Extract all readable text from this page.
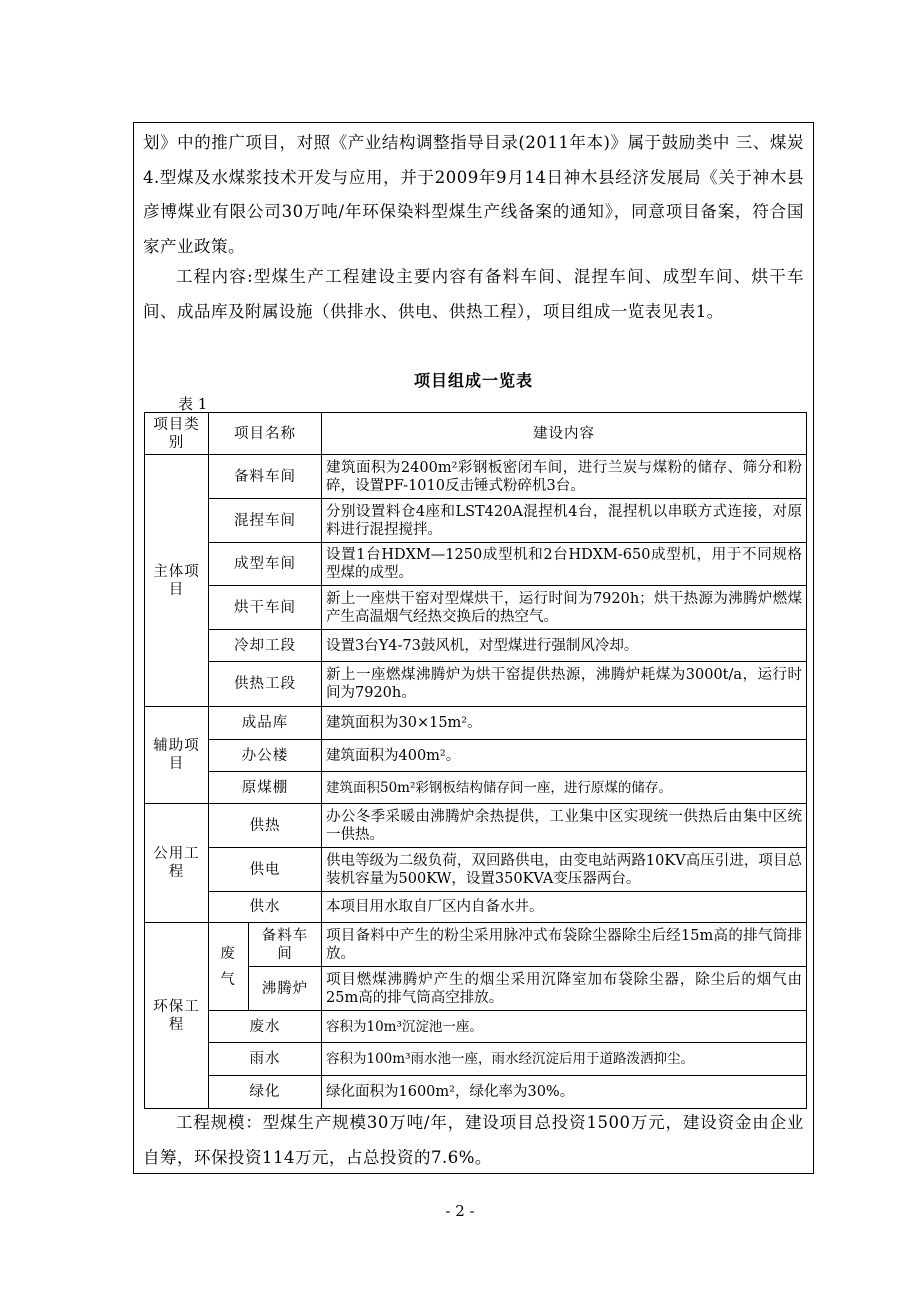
划》中的推广项目，对照《产业结构调整指导目录(2011年本)》属于鼓励类中 三、煤炭 4.型煤及水煤浆技术开发与应用，并于2009年9月14日神木县经济发展局《关于神木县彦博煤业有限公司30万吨/年环保染料型煤生产线备案的通知》，同意项目备案，符合国家产业政策。

工程内容:型煤生产工程建设主要内容有备料车间、混捏车间、成型车间、烘干车间、成品库及附属设施（供排水、供电、供热工程），项目组成一览表见表1。

项目组成一览表
表 1
项目类别	项目名称		建设内容
主体项目	备料车间		建筑面积为2400m²彩钢板密闭车间，进行兰炭与煤粉的储存、筛分和粉碎，设置PF-1010反击锤式粉碎机3台。
	混捏车间		分别设置料仓4座和LST420A混捏机4台，混捏机以串联方式连接，对原料进行混捏搅拌。
	成型车间		设置1台HDXM—1250成型机和2台HDXM-650成型机，用于不同规格型煤的成型。
	烘干车间		新上一座烘干窑对型煤烘干，运行时间为7920h；烘干热源为沸腾炉燃煤产生高温烟气经热交换后的热空气。
	冷却工段		设置3台Y4-73鼓风机，对型煤进行强制风冷却。
	供热工段		新上一座燃煤沸腾炉为烘干窑提供热源，沸腾炉耗煤为3000t/a，运行时间为7920h。
辅助项目	成品库		建筑面积为30×15m²。
	办公楼		建筑面积为400m²。
	原煤棚		建筑面积50m²彩钢板结构储存间一座，进行原煤的储存。
公用工程	供热		办公冬季采暖由沸腾炉余热提供，工业集中区实现统一供热后由集中区统一供热。
	供电		供电等级为二级负荷，双回路供电，由变电站两路10KV高压引进，项目总装机容量为500KW，设置350KVA变压器两台。
	供水		本项目用水取自厂区内自备水井。
环保工程	废气	备料车间	项目备料中产生的粉尘采用脉冲式布袋除尘器除尘后经15m高的排气筒排放。
		沸腾炉	项目燃煤沸腾炉产生的烟尘采用沉降室加布袋除尘器，除尘后的烟气由25m高的排气筒高空排放。
	废水		容积为10m³沉淀池一座。
	雨水		容积为100m³雨水池一座，雨水经沉淀后用于道路泼洒抑尘。
	绿化		绿化面积为1600m²，绿化率为30%。

工程规模：型煤生产规模30万吨/年，建设项目总投资1500万元，建设资金由企业自筹，环保投资114万元，占总投资的7.6%。

- 2 -
